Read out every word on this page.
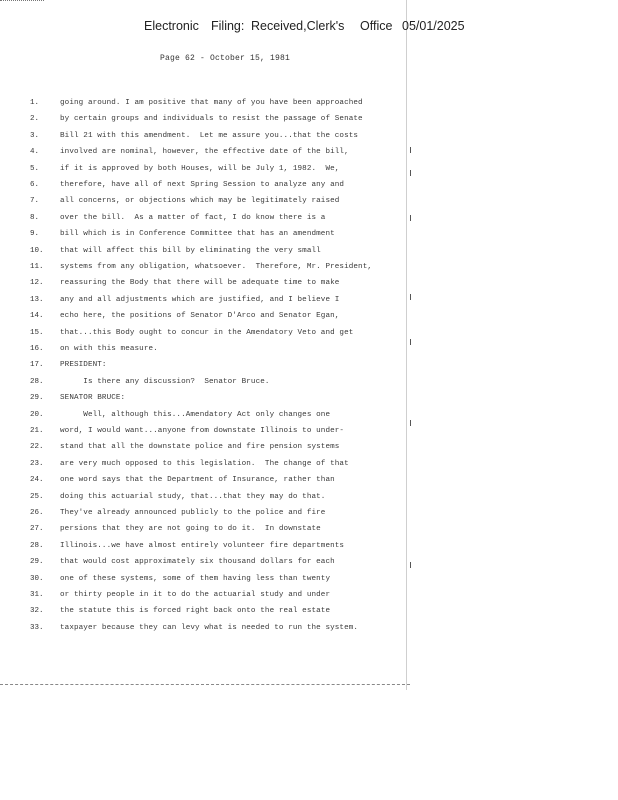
Electronic Filing: Received,Clerk's Office 05/01/2025
Page 62 - October 15, 1981
1.	going around. I am positive that many of you have been approached
2.	by certain groups and individuals to resist the passage of Senate
3.	Bill 21 with this amendment.  Let me assure you...that the costs
4.	involved are nominal, however, the effective date of the bill,
5.	if it is approved by both Houses, will be July 1, 1982.  We,
6.	therefore, have all of next Spring Session to analyze any and
7.	all concerns, or objections which may be legitimately raised
8.	over the bill.  As a matter of fact, I do know there is a
9.	bill which is in Conference Committee that has an amendment
10.	that will affect this bill by eliminating the very small
11.	systems from any obligation, whatsoever.  Therefore, Mr. President,
12.	reassuring the Body that there will be adequate time to make
13.	any and all adjustments which are justified, and I believe I
14.	echo here, the positions of Senator D'Arco and Senator Egan,
15.	that...this Body ought to concur in the Amendatory Veto and get
16.	on with this measure.
17.	PRESIDENT:
28.	Is there any discussion?  Senator Bruce.
29.	SENATOR BRUCE:
20.	Well, although this...Amendatory Act only changes one
21.	word, I would want...anyone from downstate Illinois to under-
22.	stand that all the downstate police and fire pension systems
23.	are very much opposed to this legislation.  The change of that
24.	one word says that the Department of Insurance, rather than
25.	doing this actuarial study, that...that they may do that.
26.	They've already announced publicly to the police and fire
27.	persions that they are not going to do it.  In downstate
28.	Illinois...we have almost entirely volunteer fire departments
29.	that would cost approximately six thousand dollars for each
30.	one of these systems, some of them having less than twenty
31.	or thirty people in it to do the actuarial study and under
32.	the statute this is forced right back onto the real estate
33.	taxpayer because they can levy what is needed to run the system.
